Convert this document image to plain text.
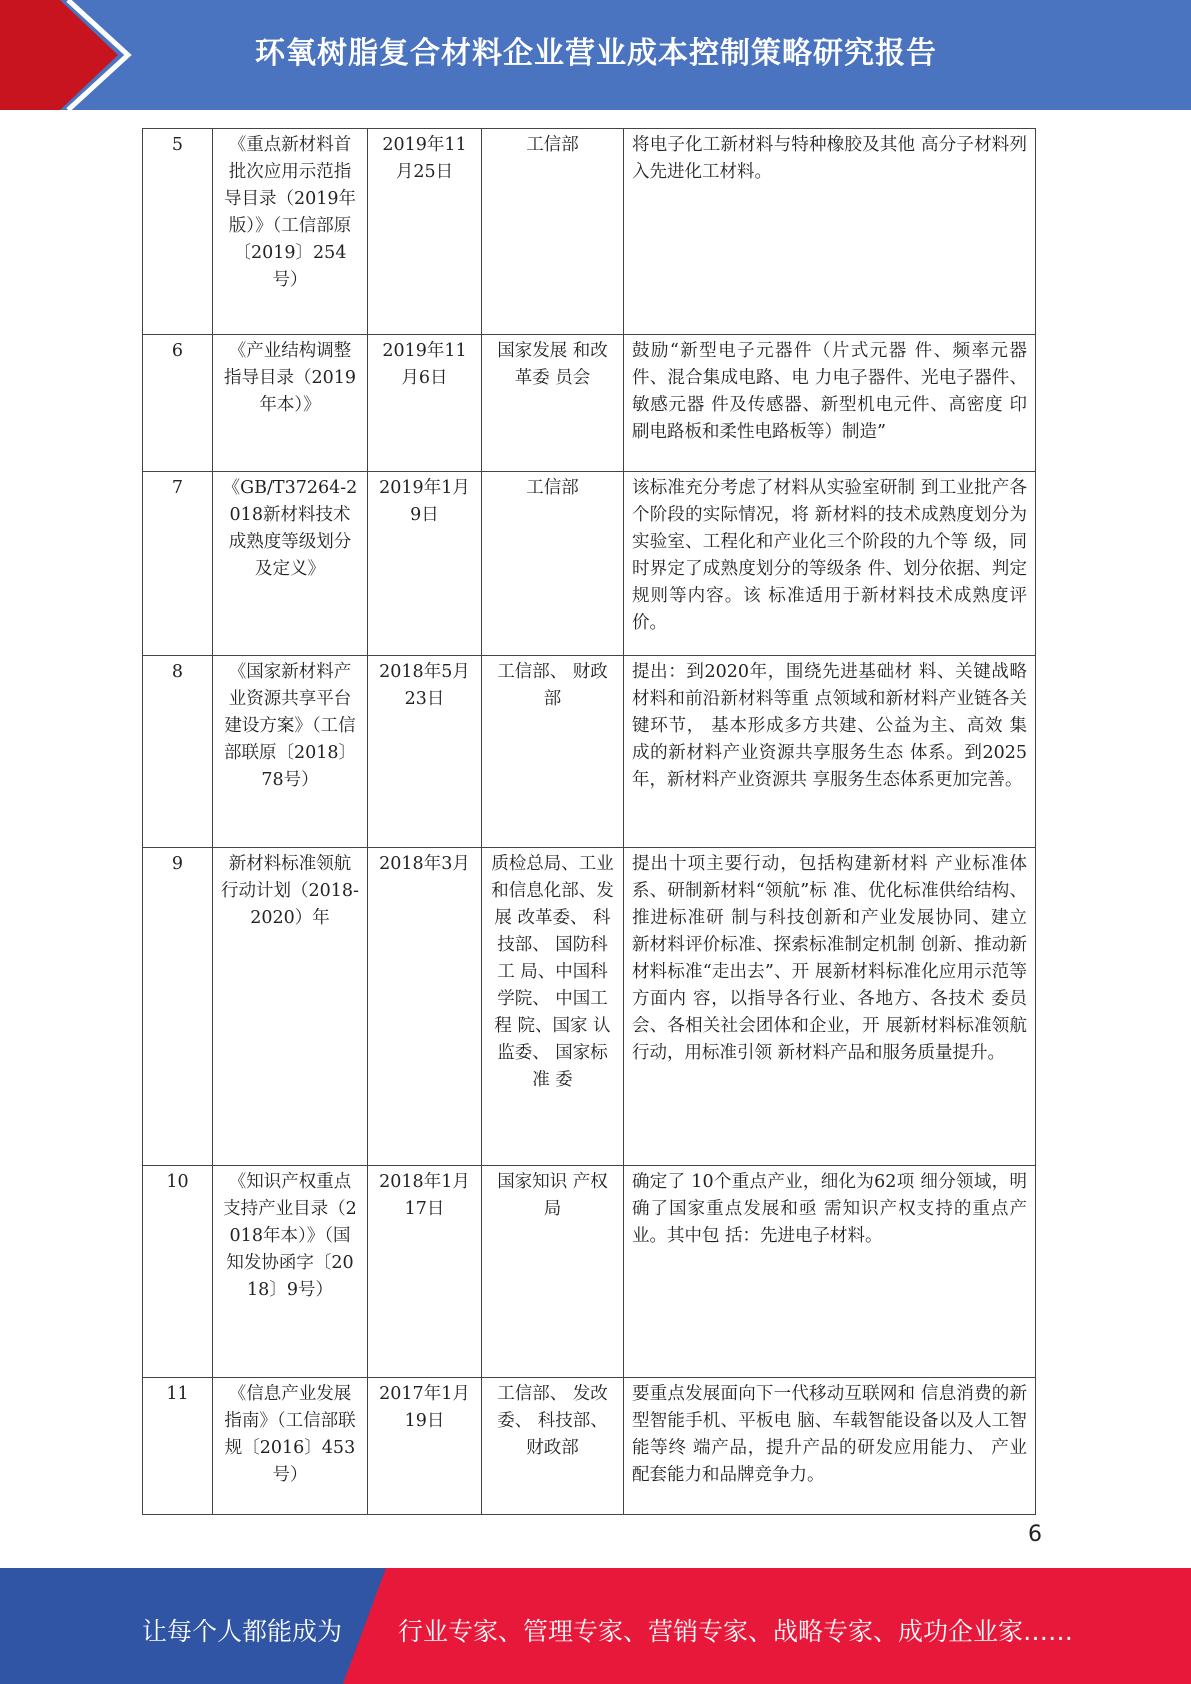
环氧树脂复合材料企业营业成本控制策略研究报告
5	《重点新材料首批次应用示范指导目录（2019年版）》（工信部原〔2019〕254号）	2019年11月25日	工信部	将电子化工新材料与特种橡胶及其他 高分子材料列入先进化工材料。
6	《产业结构调整指导目录（2019年本）》	2019年11月6日	国家发展 和改革委 员会	鼓励“新型电子元器件（片式元器 件、频率元器件、混合集成电路、电 力电子器件、光电子器件、敏感元器 件及传感器、新型机电元件、高密度 印刷电路板和柔性电路板等）制造”
7	《GB/T37264-2018新材料技术成熟度等级划分及定义》	2019年1月9日	工信部	该标准充分考虑了材料从实验室研制 到工业批产各个阶段的实际情况，将 新材料的技术成熟度划分为实验室、工程化和产业化三个阶段的九个等 级，同时界定了成熟度划分的等级条 件、划分依据、判定规则等内容。该 标准适用于新材料技术成熟度评价。
8	《国家新材料产业资源共享平台建设方案》（工信部联原〔2018〕78号）	2018年5月23日	工信部、 财政部	提出：到2020年，围绕先进基础材 料、关键战略材料和前沿新材料等重 点领域和新材料产业链各关键环节， 基本形成多方共建、公益为主、高效 集成的新材料产业资源共享服务生态 体系。到2025年，新材料产业资源共 享服务生态体系更加完善。
9	新材料标准领航行动计划（2018-2020）年	2018年3月	质检总局、工业 和信息化部、发展 改革委、 科技部、 国防科工 局、中国科学院、 中国工程 院、国家 认监委、 国家标准 委	提出十项主要行动，包括构建新材料 产业标准体系、研制新材料“领航”标 准、优化标准供给结构、推进标准研 制与科技创新和产业发展协同、建立 新材料评价标准、探索标准制定机制 创新、推动新材料标准“走出去”、开 展新材料标准化应用示范等方面内 容，以指导各行业、各地方、各技术 委员会、各相关社会团体和企业，开 展新材料标准领航行动，用标准引领 新材料产品和服务质量提升。
10	《知识产权重点支持产业目录（2018年本）》（国知发协函字〔2018〕9号）	2018年1月17日	国家知识 产权局	确定了 10个重点产业，细化为62项 细分领域，明确了国家重点发展和亟 需知识产权支持的重点产业。其中包 括：先进电子材料。
11	《信息产业发展指南》（工信部联规〔2016〕453号）	2017年1月19日	工信部、 发改委、 科技部、 财政部	要重点发展面向下一代移动互联网和 信息消费的新型智能手机、平板电 脑、车载智能设备以及人工智能等终 端产品，提升产品的研发应用能力、 产业配套能力和品牌竞争力。
6
让每个人都能成为 行业专家、管理专家、营销专家、战略专家、成功企业家……
